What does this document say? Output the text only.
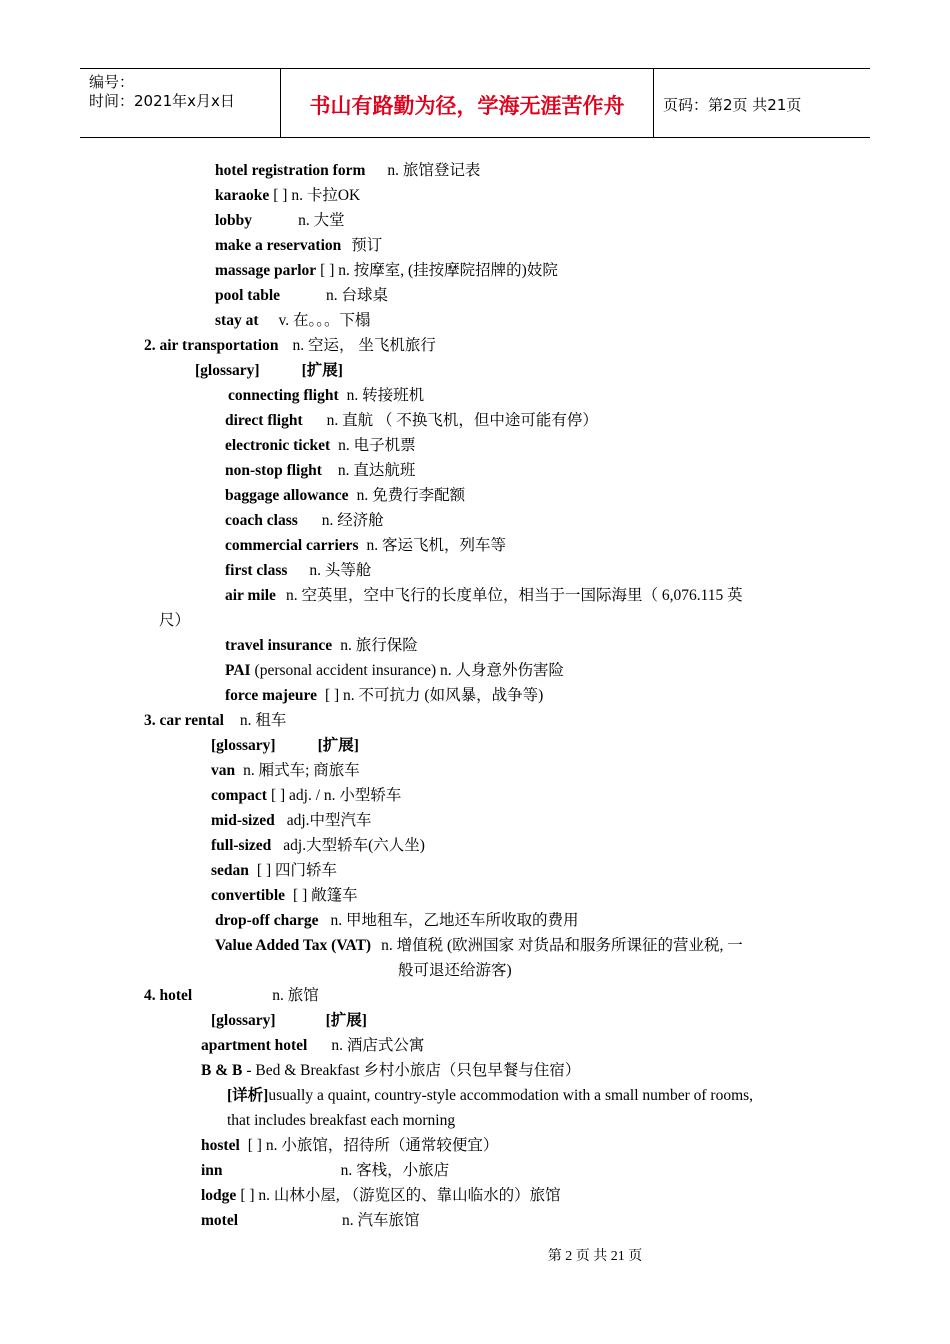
编号：
时间：2021年x月x日	书山有路勤为径，学海无涯苦作舟	页码：第2页 共21页
hotel registration form n. 旅馆登记表
karaoke [ ] n. 卡拉OK
lobby	n. 大堂
make a reservation 预订
massage parlor [ ] n. 按摩室, (挂按摩院招牌的)妓院
pool table	n. 台球桌
stay at v. 在。。。下榻
2. air transportation n. 空运， 坐飞机旅行
[glossary]	[扩展]
connecting flight n. 转接班机
direct flight n. 直航 （ 不换飞机，但中途可能有停）
electronic ticket n. 电子机票
non-stop flight n. 直达航班
baggage allowance n. 免费行李配额
coach class n. 经济舱
commercial carriers n. 客运飞机，列车等
first class n. 头等舱
air mile n. 空英里，空中飞行的长度单位，相当于一国际海里（ 6,076.115 英
尺）
travel insurance n. 旅行保险
PAI (personal accident insurance) n. 人身意外伤害险
force majeure [ ] n. 不可抗力 (如风暴，战争等)
3. car rental n. 租车
[glossary]	[扩展]
van n. 厢式车; 商旅车
compact [ ] adj. / n. 小型轿车
mid-sized adj.中型汽车
full-sized adj.大型轿车(六人坐)
sedan [ ] 四门轿车
convertible [ ] 敞篷车
drop-off charge n. 甲地租车，乙地还车所收取的费用
Value Added Tax (VAT) n. 增值税 (欧洲国家 对货品和服务所课征的营业税, 一
般可退还给游客)
4. hotel	n. 旅馆
[glossary]	[扩展]
apartment hotel n. 酒店式公寓
B & B - Bed & Breakfast 乡村小旅店（只包早餐与住宿）
[详析]usually a quaint, country-style accommodation with a small number of rooms,
that includes breakfast each morning
hostel [ ] n. 小旅馆，招待所（通常较便宜）
inn	n. 客栈，小旅店
lodge [ ] n. 山林小屋, （游览区的、靠山临水的）旅馆
motel	n. 汽车旅馆
第 2 页 共 21 页
